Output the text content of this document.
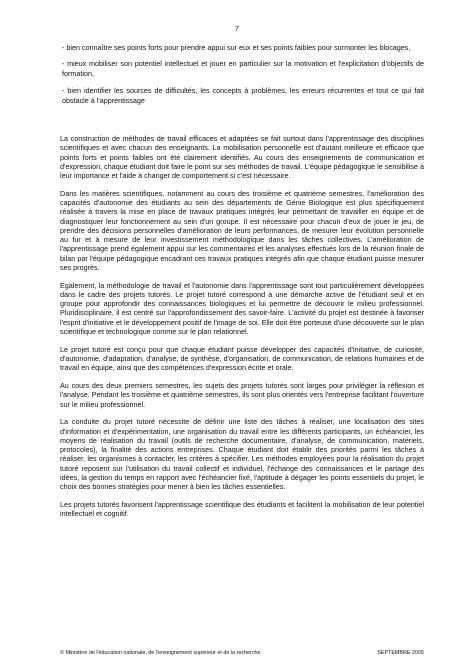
7
- bien connaître ses points forts pour prendre appui sur eux et ses points faibles pour surmonter les blocages,
- mieux mobiliser son potentiel intellectuel et jouer en particulier sur la motivation et l'explicitation d'objectifs de formation,
- bien identifier les sources de difficultés, les concepts à problèmes, les erreurs récurrentes et tout ce qui fait obstacle à l'apprentissage

La construction de méthodes de travail efficaces et adaptées se fait surtout dans l'apprentissage des disciplines scientifiques et avec chacun des enseignants. La mobilisation personnelle est d'autant meilleure et efficace que points forts et points faibles ont été clairement identifiés. Au cours des enseignements de communication et d'expression, chaque étudiant doit faire le point sur ses méthodes de travail. L'équipe pédagogique le sensibilise à leur importance et l'aide à changer de comportement si c'est nécessaire.

Dans les matières scientifiques, notamment au cours des troisième et quatrième semestres, l'amélioration des capacités d'autonomie des étudiants au sein des départements de Génie Biologique est plus spécifiquement réalisée à travers la mise en place de travaux pratiques intégrés leur permettant de travailler en équipe et de diagnostiquer leur fonctionnement au sein d'un groupe. Il est nécessaire pour chacun d'eux de jouer le jeu, de prendre des décisions personnelles d'amélioration de leurs performances, de mesurer leur évolution personnelle au fur et à mesure de leur investissement méthodologique dans les tâches collectives. L'amélioration de l'apprentissage prend également appui sur les commentaires et les analyses effectués lors de la réunion finale de bilan par l'équipe pédagogique encadrant ces travaux pratiques intégrés afin que chaque étudiant puisse mesurer ses progrès.

Egalement, la méthodologie de travail et l'autonomie dans l'apprentissage sont tout particulièrement développées dans le cadre des projets tutorés. Le projet tutoré correspond à une démarche active de l'étudiant seul et en groupe pour approfondir des connaissances biologiques et lui permettre de découvrir le milieu professionnel. Pluridisciplinaire, il est centré sur l'approfondissement des savoir-faire. L'activité du projet est destinée à favoriser l'esprit d'initiative et le développement positif de l'image de soi. Elle doit être porteuse d'une découverte sur le plan scientifique et technologique comme sur le plan relationnel.

Le projet tutoré est conçu pour que chaque étudiant puisse développer des capacités d'initiative, de curiosité, d'autonomie, d'adaptation, d'analyse, de synthèse, d'organisation, de communication, de relations humaines et de travail en équipe, ainsi que des compétences d'expression écrite et orale.

Au cours des deux premiers semestres, les sujets des projets tutorés sont larges pour privilégier la réflexion et l'analyse. Pendant les troisième et quatrième semestres, ils sont plus orientés vers l'entreprise facilitant l'ouverture sur le milieu professionnel.

La conduite du projet tutoré nécessite de définir une liste des tâches à réaliser, une localisation des sites d'information et d'expérimentation, une organisation du travail entre les différents participants, un échéancier, les moyens de réalisation du travail (outils de recherche documentaire, d'analyse, de communication, matériels, protocoles), la finalité des actions entreprises. Chaque étudiant doit établir des priorités parmi les tâches à réaliser, les organismes à contacter, les critères à spécifier. Les méthodes employées pour la réalisation du projet tutoré reposent sur l'utilisation du travail collectif et individuel, l'échange des connaissances et le partage des idées, la gestion du temps en rapport avec l'échéancier fixé, l'aptitude à dégager les points essentiels du projet, le choix des bonnes stratégies pour mener à bien les tâches essentielles.

Les projets tutorés favorisent l'apprentissage scientifique des étudiants et facilitent la mobilisation de leur potentiel intellectuel et cognitif.

© Ministère de l'éducation nationale, de l'enseignement supérieur et de la recherche	SEPTEMBRE 2005
